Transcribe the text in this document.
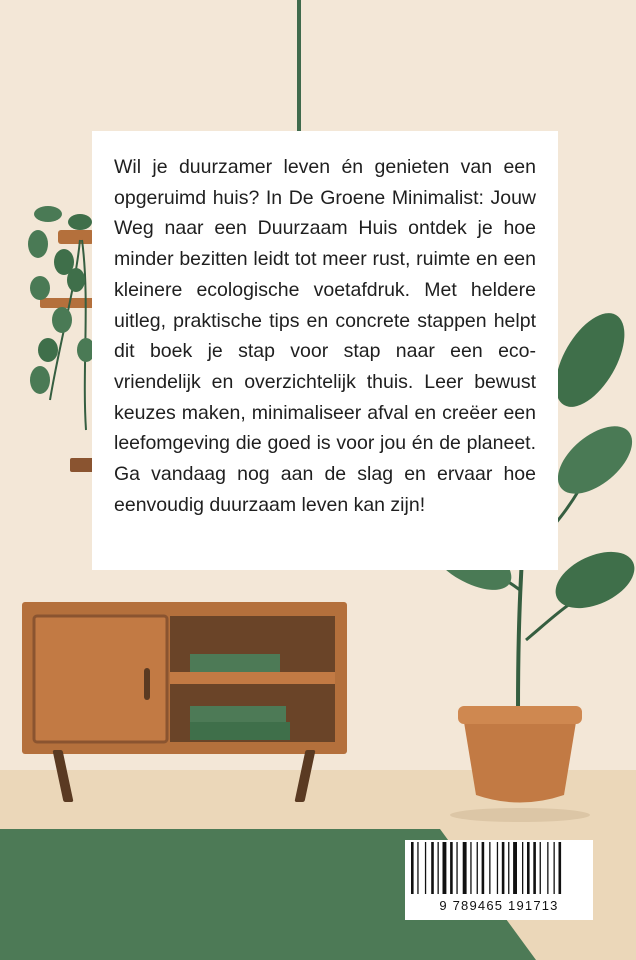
Wil je duurzamer leven én genieten van een opgeruimd huis? In De Groene Minimalist: Jouw Weg naar een Duurzaam Huis ontdek je hoe minder bezitten leidt tot meer rust, ruimte en een kleinere ecologische voetafdruk. Met heldere uitleg, praktische tips en concrete stappen helpt dit boek je stap voor stap naar een eco-vriendelijk en overzichtelijk thuis. Leer bewust keuzes maken, minimaliseer afval en creëer een leefomgeving die goed is voor jou én de planeet. Ga vandaag nog aan de slag en ervaar hoe eenvoudig duurzaam leven kan zijn!

9 789465 191713
